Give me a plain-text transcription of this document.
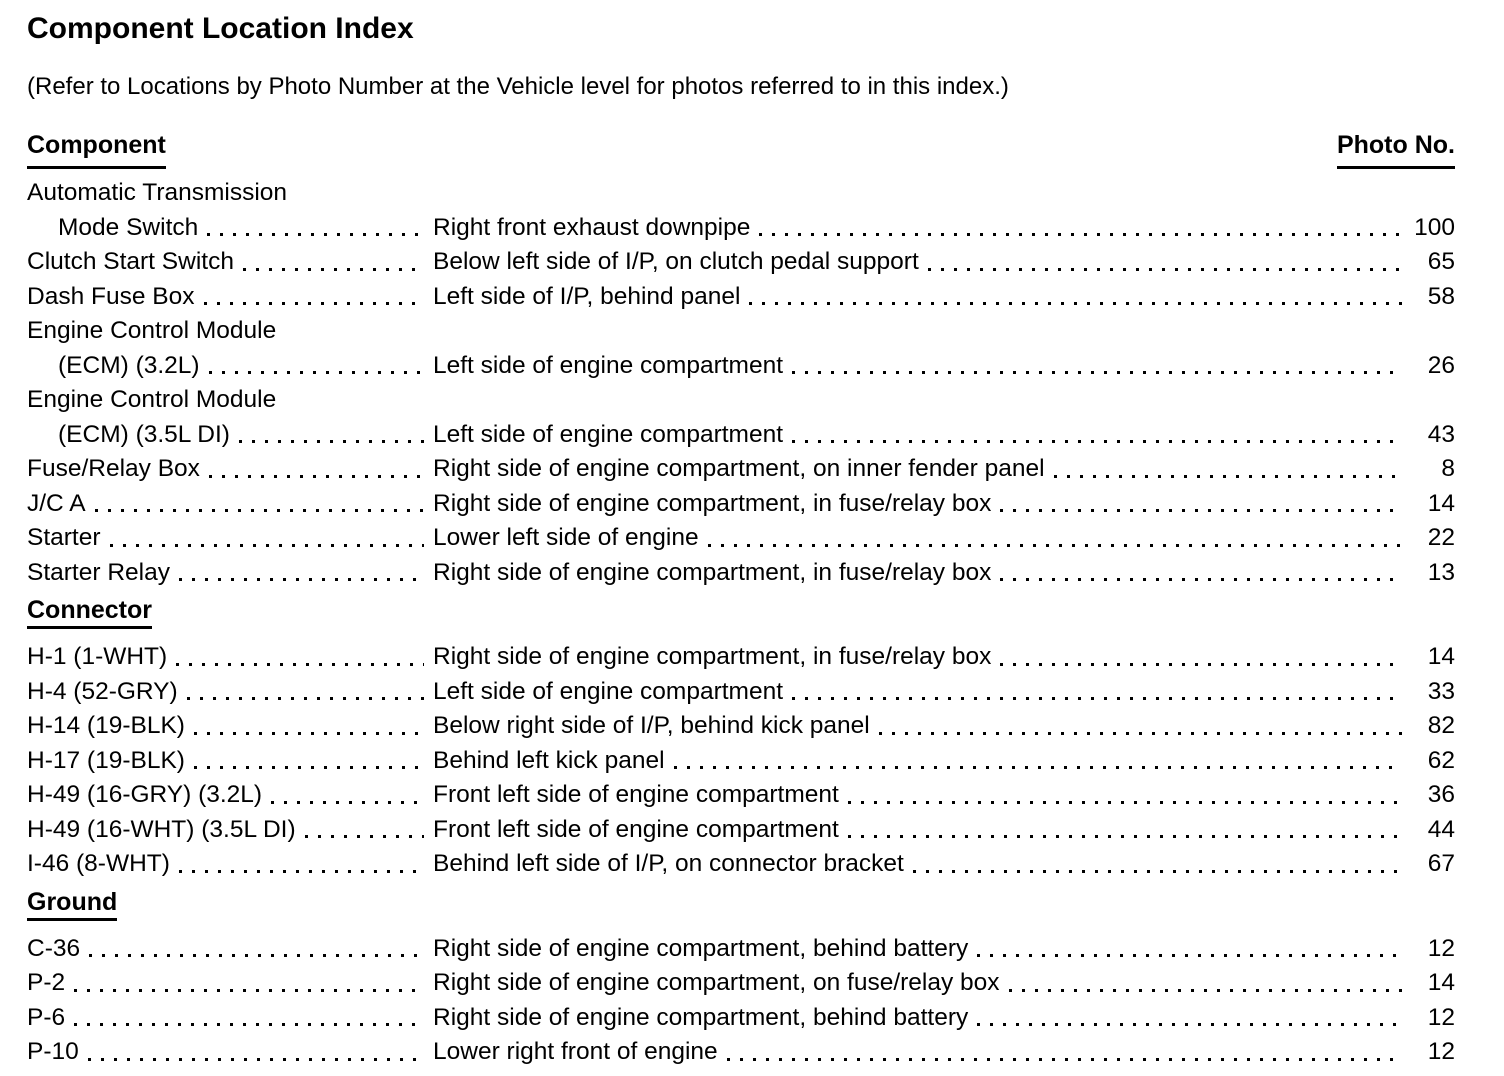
Component Location Index

(Refer to Locations by Photo Number at the Vehicle level for photos referred to in this index.)

Component	Photo No.
Automatic Transmission
Mode Switch	Right front exhaust downpipe	100
Clutch Start Switch	Below left side of I/P, on clutch pedal support	65
Dash Fuse Box	Left side of I/P, behind panel	58
Engine Control Module
(ECM) (3.2L)	Left side of engine compartment	26
Engine Control Module
(ECM) (3.5L DI)	Left side of engine compartment	43
Fuse/Relay Box	Right side of engine compartment, on inner fender panel	8
J/C A	Right side of engine compartment, in fuse/relay box	14
Starter	Lower left side of engine	22
Starter Relay	Right side of engine compartment, in fuse/relay box	13
Connector
H-1 (1-WHT)	Right side of engine compartment, in fuse/relay box	14
H-4 (52-GRY)	Left side of engine compartment	33
H-14 (19-BLK)	Below right side of I/P, behind kick panel	82
H-17 (19-BLK)	Behind left kick panel	62
H-49 (16-GRY) (3.2L)	Front left side of engine compartment	36
H-49 (16-WHT) (3.5L DI)	Front left side of engine compartment	44
I-46 (8-WHT)	Behind left side of I/P, on connector bracket	67
Ground
C-36	Right side of engine compartment, behind battery	12
P-2	Right side of engine compartment, on fuse/relay box	14
P-6	Right side of engine compartment, behind battery	12
P-10	Lower right front of engine	12
